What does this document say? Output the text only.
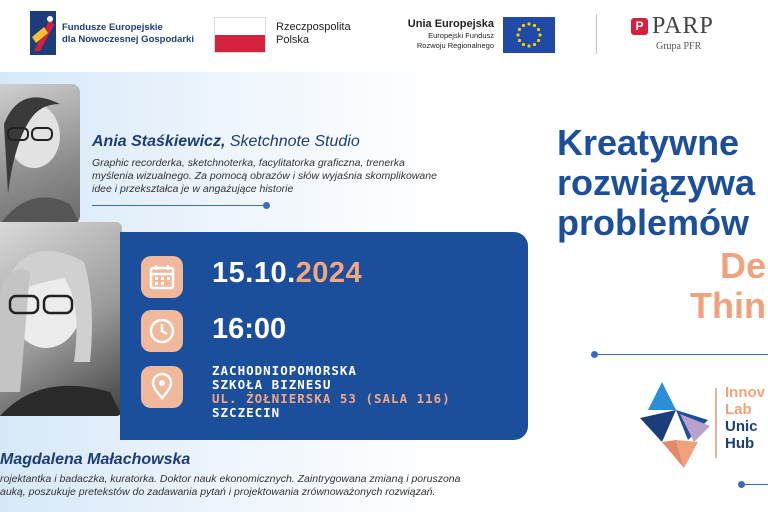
Fundusze Europejskie
dla Nowoczesnej Gospodarki
Rzeczpospolita
Polska
Unia Europejska
Europejski Fundusz
Rozwoju Regionalnego
P PARP
Grupa PFR
Ania Staśkiewicz, Sketchnote Studio
Graphic recorderka, sketchnoterka, facylitatorka graficzna, trenerka
myślenia wizualnego. Za pomocą obrazów i słów wyjaśnia skomplikowane
idee i przekształca je w angażujące historie
15.10.2024
16:00
ZACHODNIOPOMORSKA
SZKOŁA BIZNESU
UL. ŻOŁNIERSKA 53 (SALA 116)
SZCZECIN
Magdalena Małachowska
rojektantka i badaczka, kuratorka. Doktor nauk ekonomicznych. Zaintrygowana zmianą i poruszona
auką, poszukuje pretekstów do zadawania pytań i projektowania zrównoważonych rozwiązań.
Kreatywne
rozwiązywa
problemów
De
Thin
Innov
Lab
Unic
Hub
